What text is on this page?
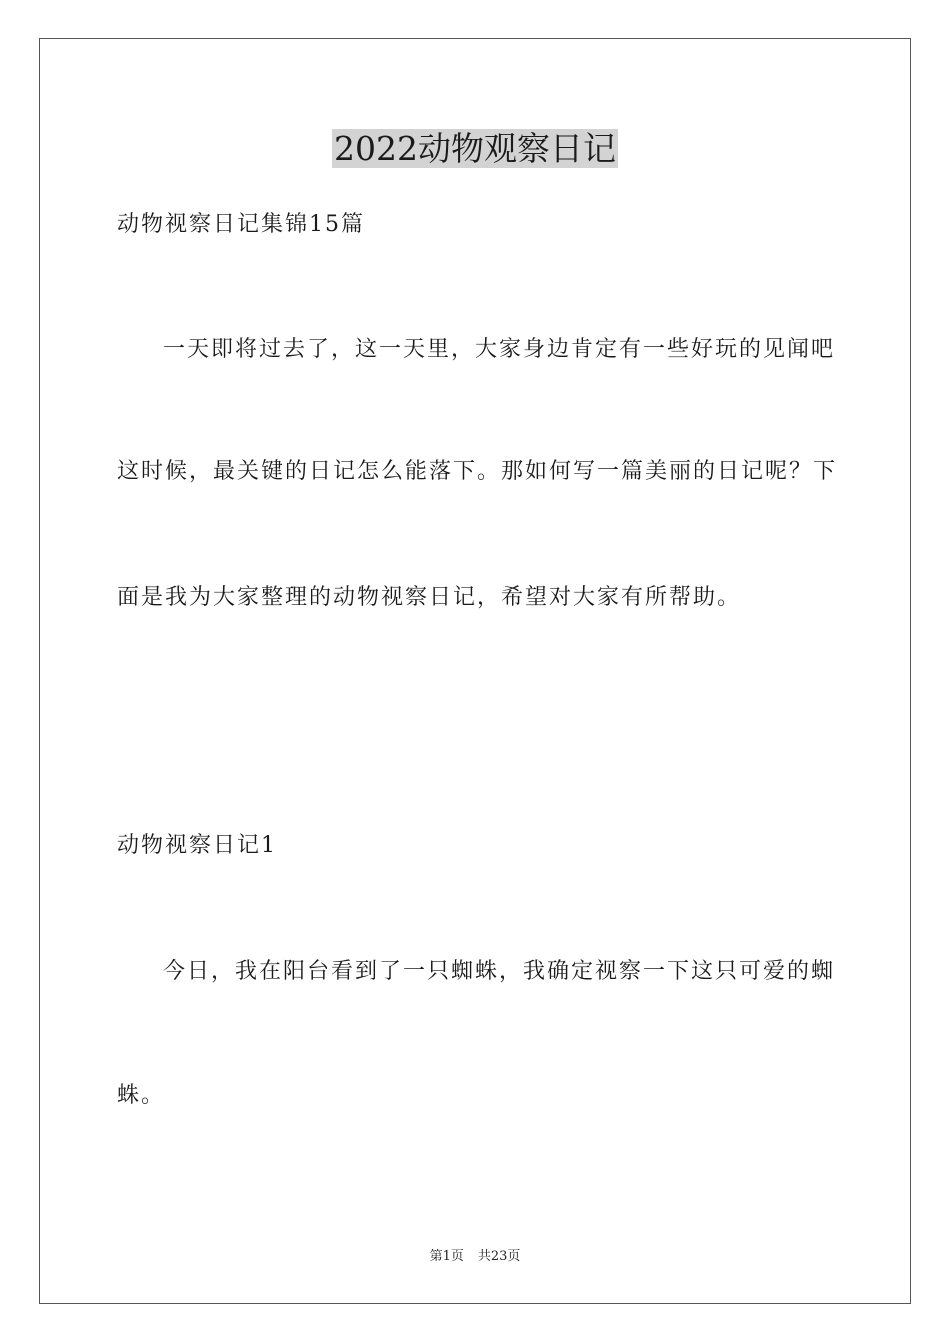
2022动物观察日记
动物视察日记集锦15篇
一天即将过去了，这一天里，大家身边肯定有一些好玩的见闻吧
这时候，最关键的日记怎么能落下。那如何写一篇美丽的日记呢？下
面是我为大家整理的动物视察日记，希望对大家有所帮助。
动物视察日记1
今日，我在阳台看到了一只蜘蛛，我确定视察一下这只可爱的蜘
蛛。
第1页 共23页
